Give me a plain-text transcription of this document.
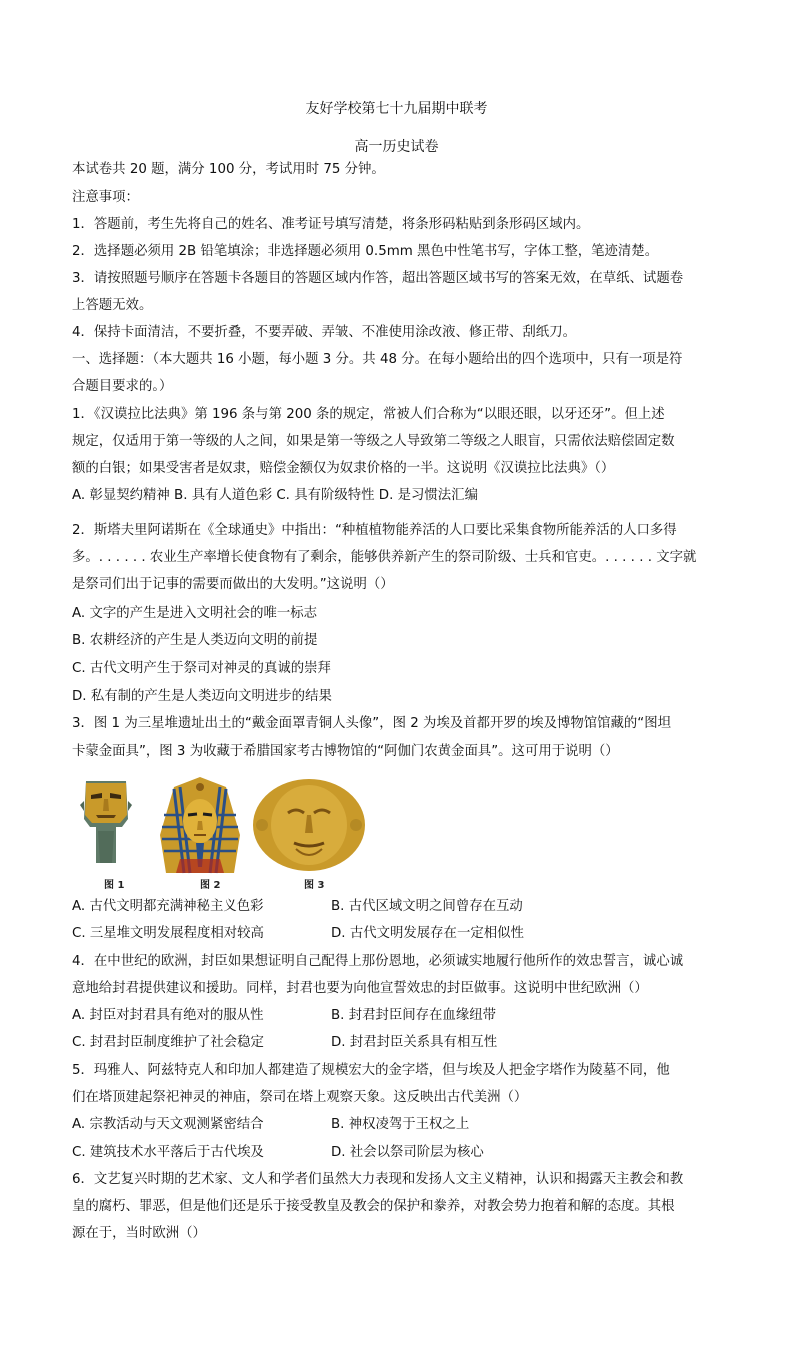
友好学校第七十九届期中联考
高一历史试卷
本试卷共 20 题，满分 100 分，考试用时 75 分钟。
注意事项：
1．答题前，考生先将自己的姓名、准考证号填写清楚，将条形码粘贴到条形码区域内。
2．选择题必须用 2B 铅笔填涂；非选择题必须用 0.5mm 黑色中性笔书写，字体工整，笔迹清楚。
3．请按照题号顺序在答题卡各题目的答题区域内作答，超出答题区域书写的答案无效，在草纸、试题卷
上答题无效。
4．保持卡面清洁，不要折叠，不要弄破、弄皱、不准使用涂改液、修正带、刮纸刀。
一、选择题：（本大题共 16 小题，每小题 3 分。共 48 分。在每小题给出的四个选项中，只有一项是符
合题目要求的。）
1．《汉谟拉比法典》第 196 条与第 200 条的规定，常被人们合称为“以眼还眼，以牙还牙”。但上述
规定，仅适用于第一等级的人之间，如果是第一等级之人导致第二等级之人眼盲，只需依法赔偿固定数
额的白银；如果受害者是奴隶，赔偿金额仅为奴隶价格的一半。这说明《汉谟拉比法典》（）
A. 彰显契约精神 B. 具有人道色彩 C. 具有阶级特性 D. 是习惯法汇编
2．斯塔夫里阿诺斯在《全球通史》中指出：“种植植物能养活的人口要比采集食物所能养活的人口多得
多。. . . . . . 农业生产率增长使食物有了剩余，能够供养新产生的祭司阶级、士兵和官吏。. . . . . . 文字就
是祭司们出于记事的需要而做出的大发明。”这说明（）
A. 文字的产生是进入文明社会的唯一标志
B. 农耕经济的产生是人类迈向文明的前提
C. 古代文明产生于祭司对神灵的真诚的崇拜
D. 私有制的产生是人类迈向文明进步的结果
3．图 1 为三星堆遗址出土的“戴金面罩青铜人头像”，图 2 为埃及首都开罗的埃及博物馆馆藏的“图坦
卡蒙金面具”，图 3 为收藏于希腊国家考古博物馆的“阿伽门农黄金面具”。这可用于说明（）
图 1	图 2	图 3
A. 古代文明都充满神秘主义色彩	B. 古代区域文明之间曾存在互动
C. 三星堆文明发展程度相对较高	D. 古代文明发展存在一定相似性
4．在中世纪的欧洲，封臣如果想证明自己配得上那份恩地，必须诚实地履行他所作的效忠誓言，诚心诚
意地给封君提供建议和援助。同样，封君也要为向他宣誓效忠的封臣做事。这说明中世纪欧洲（）
A. 封臣对封君具有绝对的服从性	B. 封君封臣间存在血缘纽带
C. 封君封臣制度维护了社会稳定	D. 封君封臣关系具有相互性
5．玛雅人、阿兹特克人和印加人都建造了规模宏大的金字塔，但与埃及人把金字塔作为陵墓不同，他
们在塔顶建起祭祀神灵的神庙，祭司在塔上观察天象。这反映出古代美洲（）
A. 宗教活动与天文观测紧密结合	B. 神权凌驾于王权之上
C. 建筑技术水平落后于古代埃及	D. 社会以祭司阶层为核心
6．文艺复兴时期的艺术家、文人和学者们虽然大力表现和发扬人文主义精神，认识和揭露天主教会和教
皇的腐朽、罪恶，但是他们还是乐于接受教皇及教会的保护和豢养，对教会势力抱着和解的态度。其根
源在于，当时欧洲（）
